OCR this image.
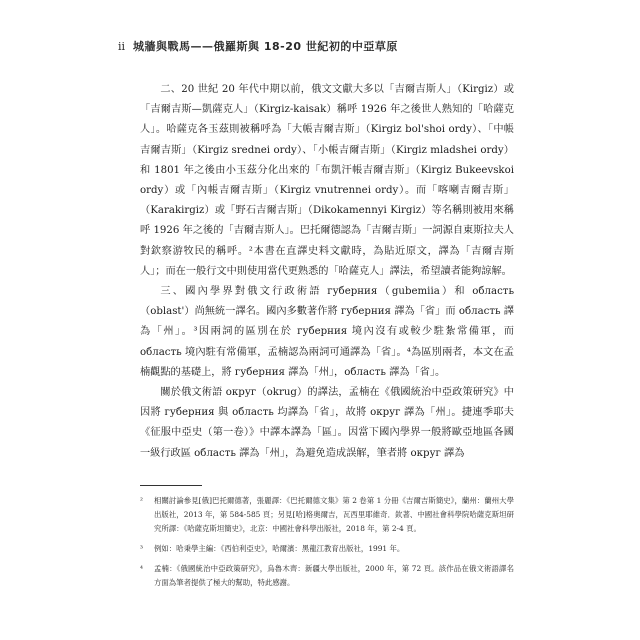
ii 城牆與戰馬——俄羅斯與 18-20 世紀初的中亞草原

二、20 世紀 20 年代中期以前，俄文文獻大多以「吉爾吉斯人」（Kirgiz）或「吉爾吉斯—凱薩克人」（Kirgiz-kaisak）稱呼 1926 年之後世人熟知的「哈薩克人」。哈薩克各玉茲則被稱呼為「大帳吉爾吉斯」（Kirgiz bol'shoi ordy）、「中帳吉爾吉斯」（Kirgiz srednei ordy）、「小帳吉爾吉斯」（Kirgiz mladshei ordy）和 1801 年之後由小玉茲分化出來的「布凱汗帳吉爾吉斯」（Kirgiz Bukeevskoi ordy）或「內帳吉爾吉斯」（Kirgiz vnutrennei ordy）。而「喀喇吉爾吉斯」（Karakirgiz）或「野石吉爾吉斯」（Dikokamennyi Kirgiz）等名稱則被用來稱呼 1926 年之後的「吉爾吉斯人」。巴托爾德認為「吉爾吉斯」一詞源自東斯拉夫人對欽察游牧民的稱呼。²本書在直譯史料文獻時，為貼近原文，譯為「吉爾吉斯人」；而在一般行文中則使用當代更熟悉的「哈薩克人」譯法，希望讀者能夠諒解。

三、國內學界對俄文行政術語 губерния（gubemiia）和 область（oblast'）尚無統一譯名。國內多數著作將 губерния 譯為「省」而 область 譯為「州」。³因兩詞的區別在於 губерния 境內沒有或較少駐紮常備軍，而 область 境內駐有常備軍，孟楠認為兩詞可通譯為「省」。⁴為區別兩者，本文在孟楠觀點的基礎上，將 губерния 譯為「州」，область 譯為「省」。

關於俄文術語 округ（okrug）的譯法，孟楠在《俄國統治中亞政策研究》中因將 губерния 與 область 均譯為「省」，故將 округ 譯為「州」。捷連季耶夫《征服中亞史（第一卷）》中譯本譯為「區」。因當下國內學界一般將歐亞地區各國一級行政區 область 譯為「州」，為避免造成誤解，筆者將 округ 譯為

²	相關討論參見[俄]巴托爾德著，張麗譯：《巴托爾德文集》第 2 卷第 1 分冊《吉爾吉斯簡史》，蘭州：蘭州大學出版社，2013 年，第 584-585 頁；另見[哈]格奧爾吉，瓦西里耶維奇．欽著、中國社會科學院哈薩克斯坦研究所譯：《哈薩克斯坦簡史》，北京：中國社會科學出版社，2018 年，第 2-4 頁。
³	例如：哈秉學主編：《西伯利亞史》，哈爾濱：黑龍江教育出版社，1991 年。
⁴	孟楠：《俄國統治中亞政策研究》，烏魯木齊：新疆大學出版社，2000 年，第 72 頁。該作品在俄文術語譯名方面為筆者提供了極大的幫助，特此感謝。
